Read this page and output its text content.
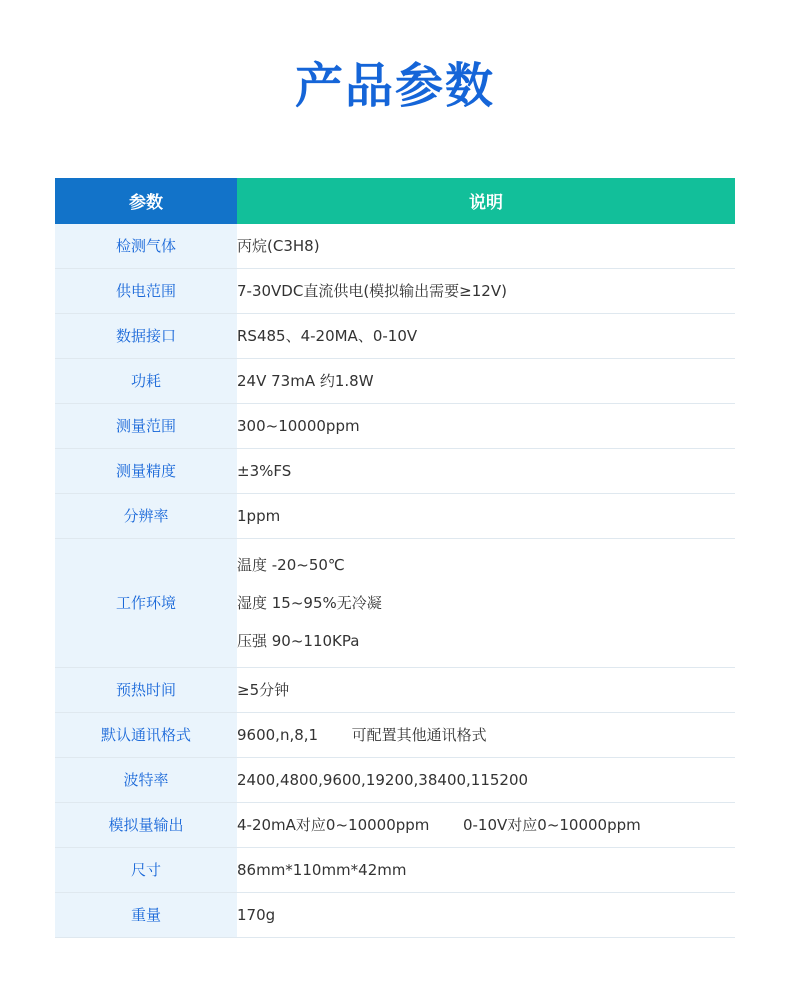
产品参数
参数	说明
检测气体	丙烷(C3H8)
供电范围	7-30VDC直流供电(模拟输出需要≥12V)
数据接口	RS485、4-20MA、0-10V
功耗	24V 73mA 约1.8W
测量范围	300~10000ppm
测量精度	±3%FS
分辨率	1ppm
工作环境	温度 -20~50℃
湿度 15~95%无冷凝
压强 90~110KPa

预热时间	≥5分钟
默认通讯格式	9600,n,8,1 可配置其他通讯格式
波特率	2400,4800,9600,19200,38400,115200
模拟量输出	4-20mA对应0~10000ppm 0-10V对应0~10000ppm
尺寸	86mm*110mm*42mm
重量	170g
